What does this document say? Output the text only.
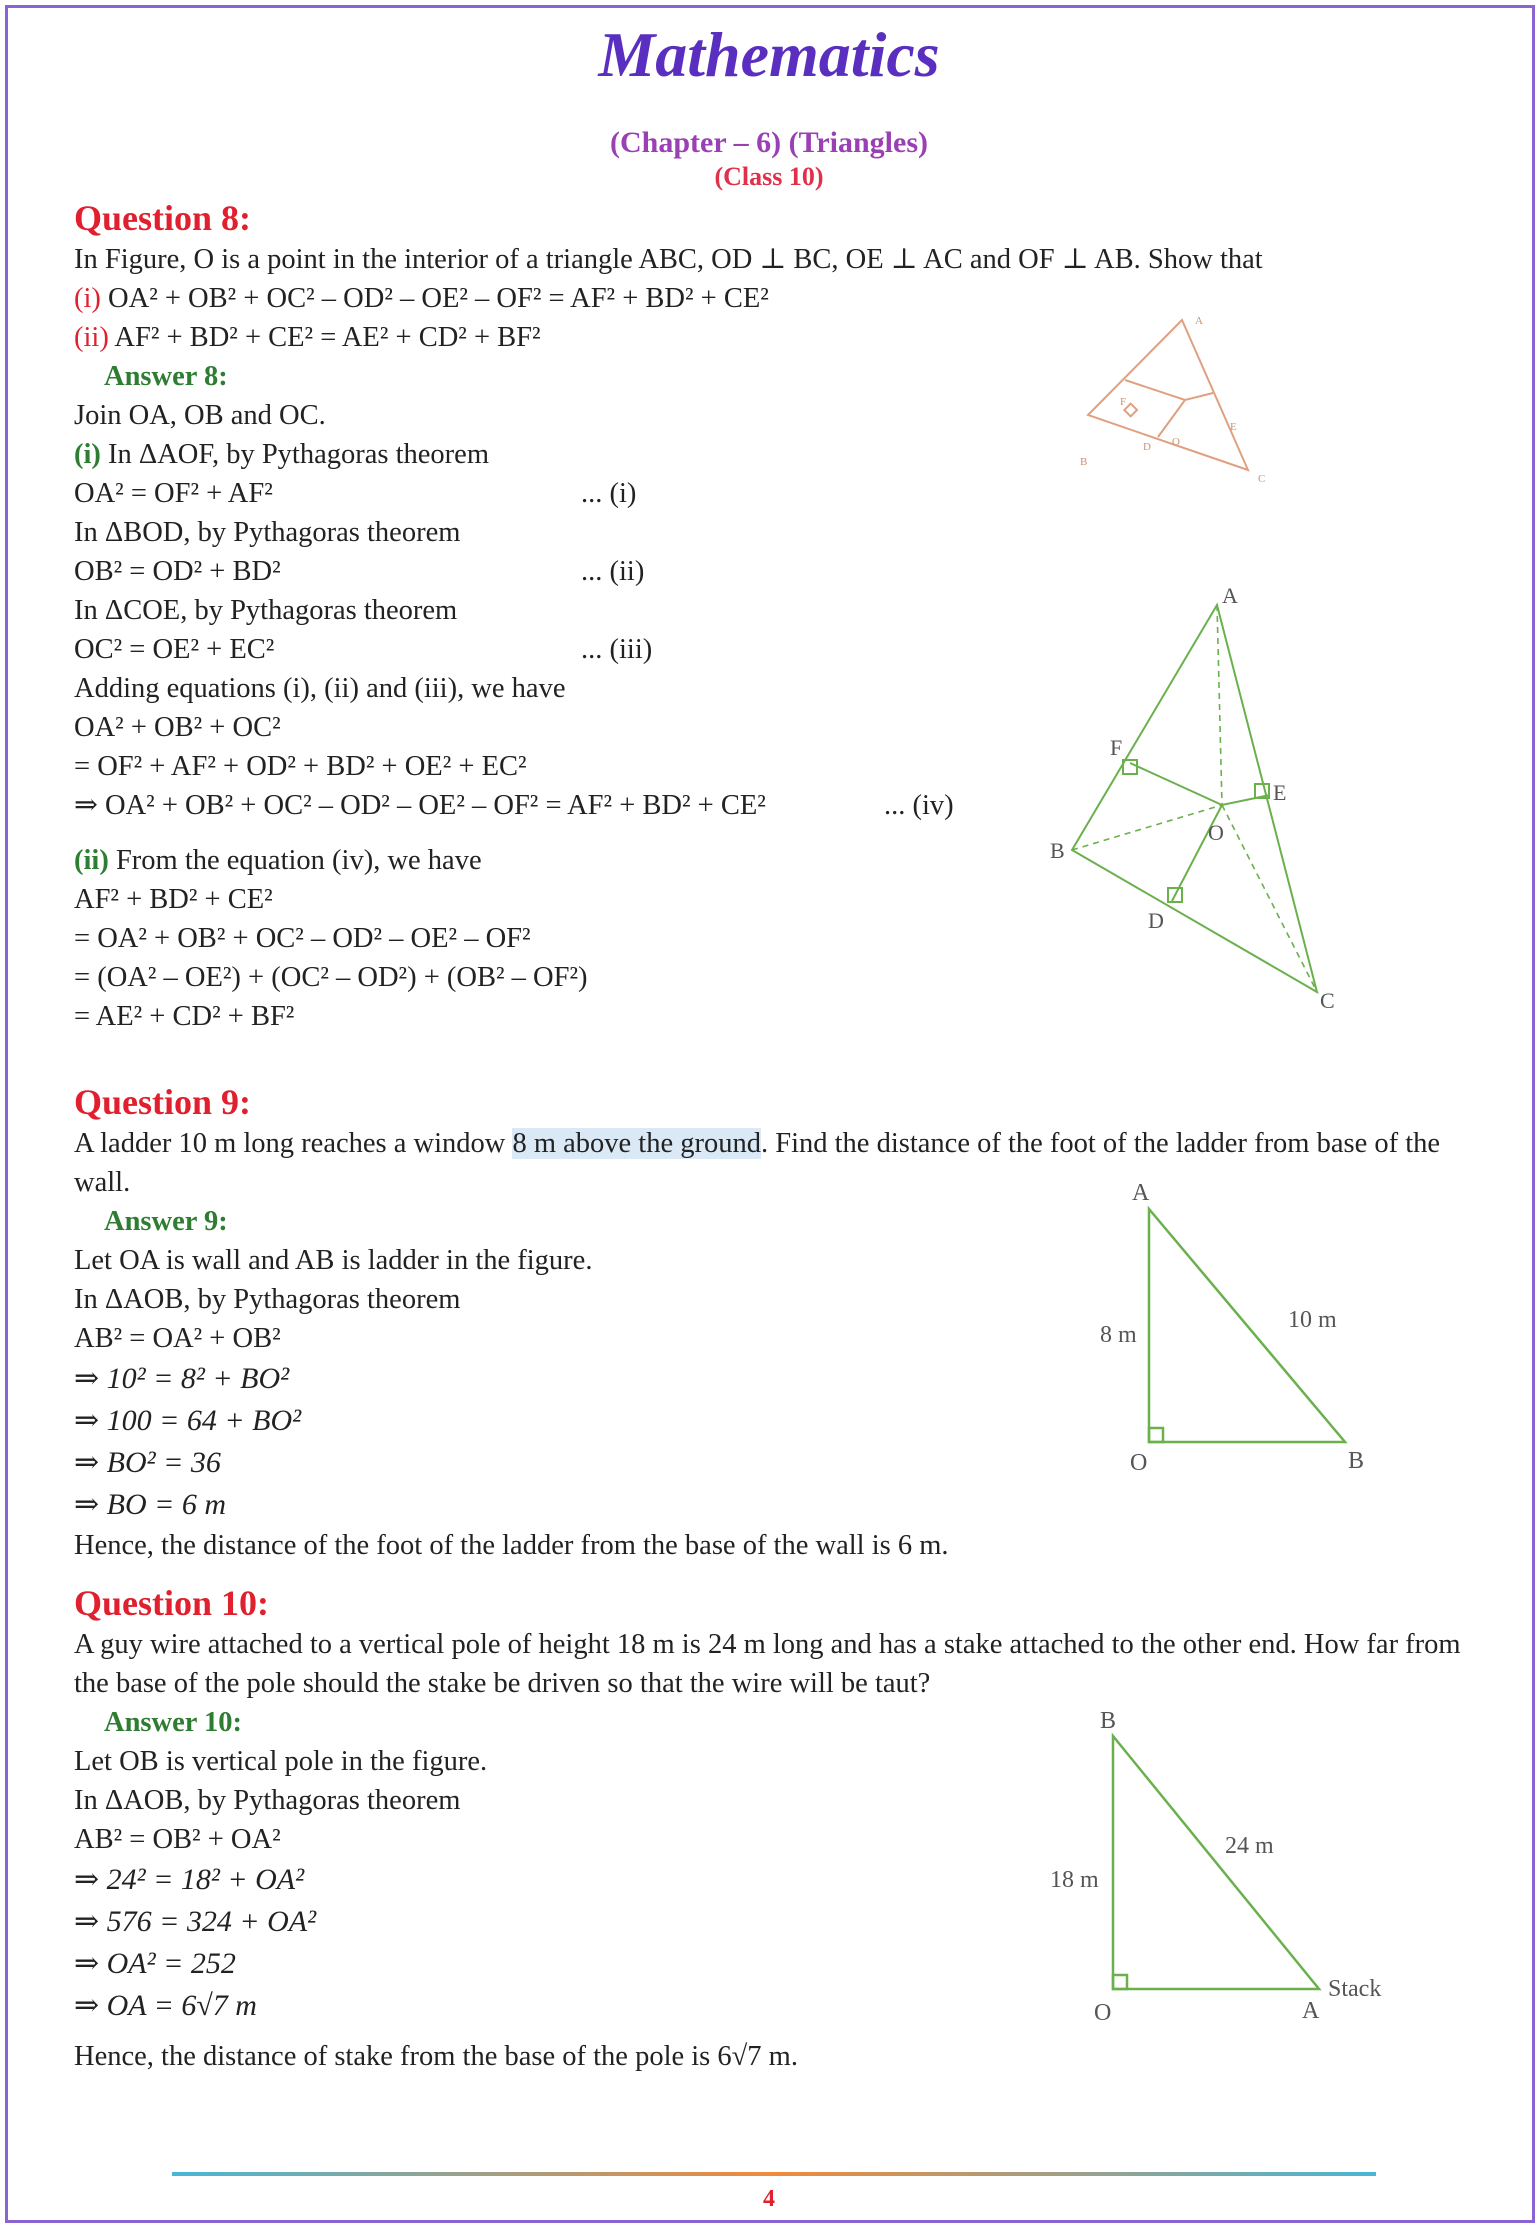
Mathematics
(Chapter – 6) (Triangles)
(Class 10)
Question 8:
In Figure, O is a point in the interior of a triangle ABC, OD ⊥ BC, OE ⊥ AC and OF ⊥ AB. Show that
(i) OA² + OB² + OC² – OD² – OE² – OF² = AF² + BD² + CE²
(ii) AF² + BD² + CE² = AE² + CD² + BF²
Answer 8:
Join OA, OB and OC.
(i) In ΔAOF, by Pythagoras theorem
OA² = OF² + AF²	... (i)
In ΔBOD, by Pythagoras theorem
OB² = OD² + BD²	... (ii)
In ΔCOE, by Pythagoras theorem
OC² = OE² + EC²	... (iii)
Adding equations (i), (ii) and (iii), we have
OA² + OB² + OC²
= OF² + AF² + OD² + BD² + OE² + EC²
⇒ OA² + OB² + OC² – OD² – OE² – OF² = AF² + BD² + CE²	... (iv)
(ii) From the equation (iv), we have
AF² + BD² + CE²
= OA² + OB² + OC² – OD² – OE² – OF²
= (OA² – OE²) + (OC² – OD²) + (OB² – OF²)
= AE² + CD² + BF²
Question 9:
A ladder 10 m long reaches a window 8 m above the ground. Find the distance of the foot of the ladder from base of the wall.
Answer 9:
Let OA is wall and AB is ladder in the figure.
In ΔAOB, by Pythagoras theorem
AB² = OA² + OB²
⇒ 10² = 8² + BO²
⇒ 100 = 64 + BO²
⇒ BO² = 36
⇒ BO = 6 m
Hence, the distance of the foot of the ladder from the base of the wall is 6 m.
Question 10:
A guy wire attached to a vertical pole of height 18 m is 24 m long and has a stake attached to the other end. How far from the base of the pole should the stake be driven so that the wire will be taut?
Answer 10:
Let OB is vertical pole in the figure.
In ΔAOB, by Pythagoras theorem
AB² = OB² + OA²
⇒ 24² = 18² + OA²
⇒ 576 = 324 + OA²
⇒ OA² = 252
⇒ OA = 6√7 m
Hence, the distance of stake from the base of the pole is 6√7 m.
A
B
C
D
E
F
O
A
B
C
D
E
F
O
A
O	B
8 m
10 m
B
O	A
18 m
24 m
Stack
4
